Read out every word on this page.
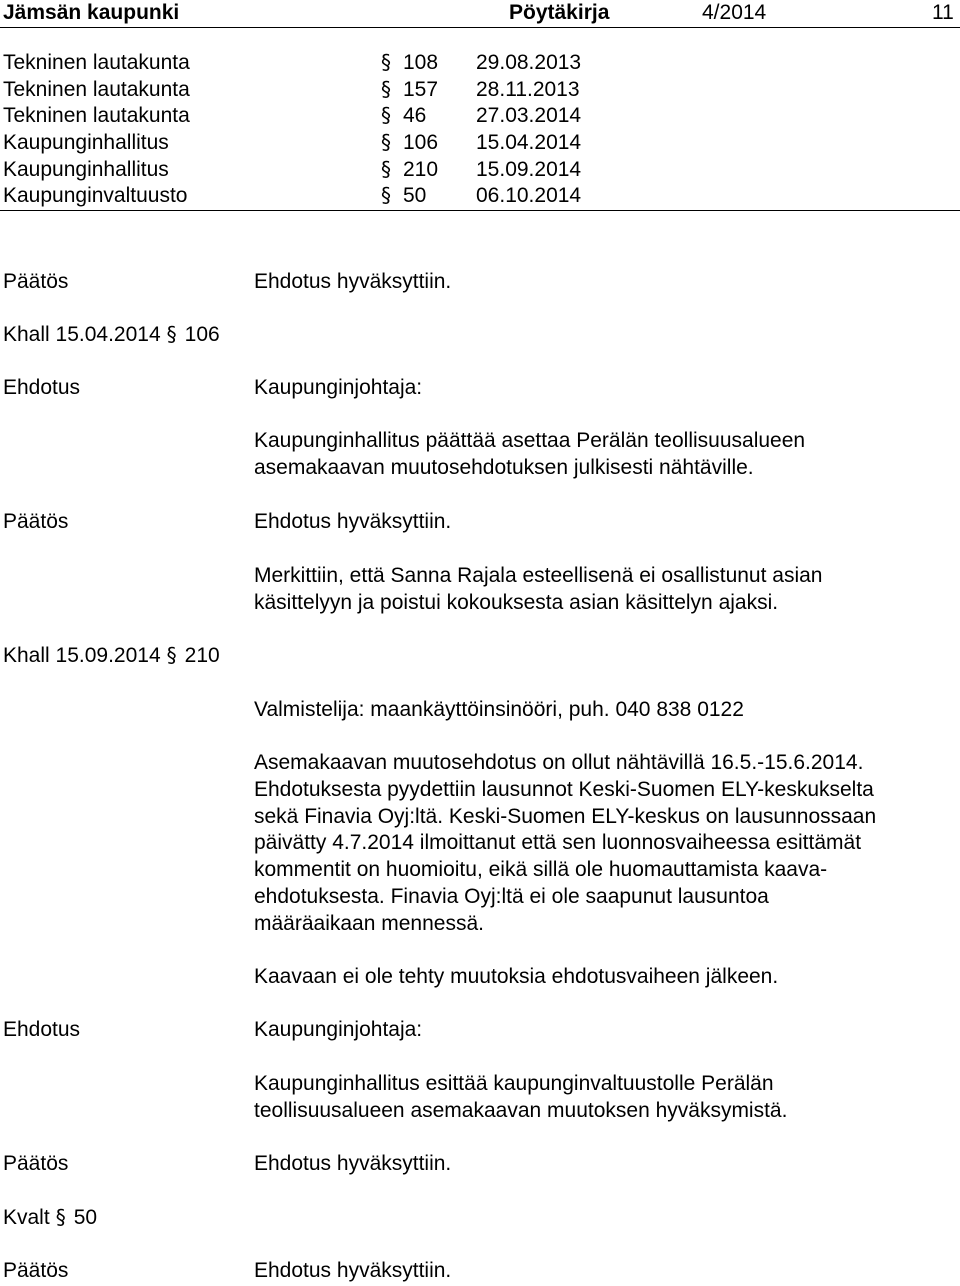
Jämsän kaupunki	Pöytäkirja	4/2014	11
Tekninen lautakunta	§ 108 29.08.2013
Tekninen lautakunta	§ 157 28.11.2013
Tekninen lautakunta	§ 46 27.03.2014
Kaupunginhallitus	§ 106 15.04.2014
Kaupunginhallitus	§ 210 15.09.2014
Kaupunginvaltuusto	§ 50 06.10.2014
Päätös	Ehdotus hyväksyttiin.
Khall 15.04.2014 § 106
Ehdotus	Kaupunginjohtaja:
Kaupunginhallitus päättää asettaa Perälän teollisuusalueen
asemakaavan muutosehdotuksen julkisesti nähtäville.
Päätös	Ehdotus hyväksyttiin.
Merkittiin, että Sanna Rajala esteellisenä ei osallistunut asian
käsittelyyn ja poistui kokouksesta asian käsittelyn ajaksi.
Khall 15.09.2014 § 210
Valmistelija: maankäyttöinsinööri, puh. 040 838 0122
Asemakaavan muutosehdotus on ollut nähtävillä 16.5.-15.6.2014.
Ehdotuksesta pyydettiin lausunnot Keski-Suomen ELY-keskukselta
sekä Finavia Oyj:ltä. Keski-Suomen ELY-keskus on lausunnossaan
päivätty 4.7.2014 ilmoittanut että sen luonnosvaiheessa esittämät
kommentit on huomioitu, eikä sillä ole huomauttamista kaava-
ehdotuksesta. Finavia Oyj:ltä ei ole saapunut lausuntoa
määräaikaan mennessä.
Kaavaan ei ole tehty muutoksia ehdotusvaiheen jälkeen.
Ehdotus	Kaupunginjohtaja:
Kaupunginhallitus esittää kaupunginvaltuustolle Perälän
teollisuusalueen asemakaavan muutoksen hyväksymistä.
Päätös	Ehdotus hyväksyttiin.
Kvalt § 50
Päätös	Ehdotus hyväksyttiin.
